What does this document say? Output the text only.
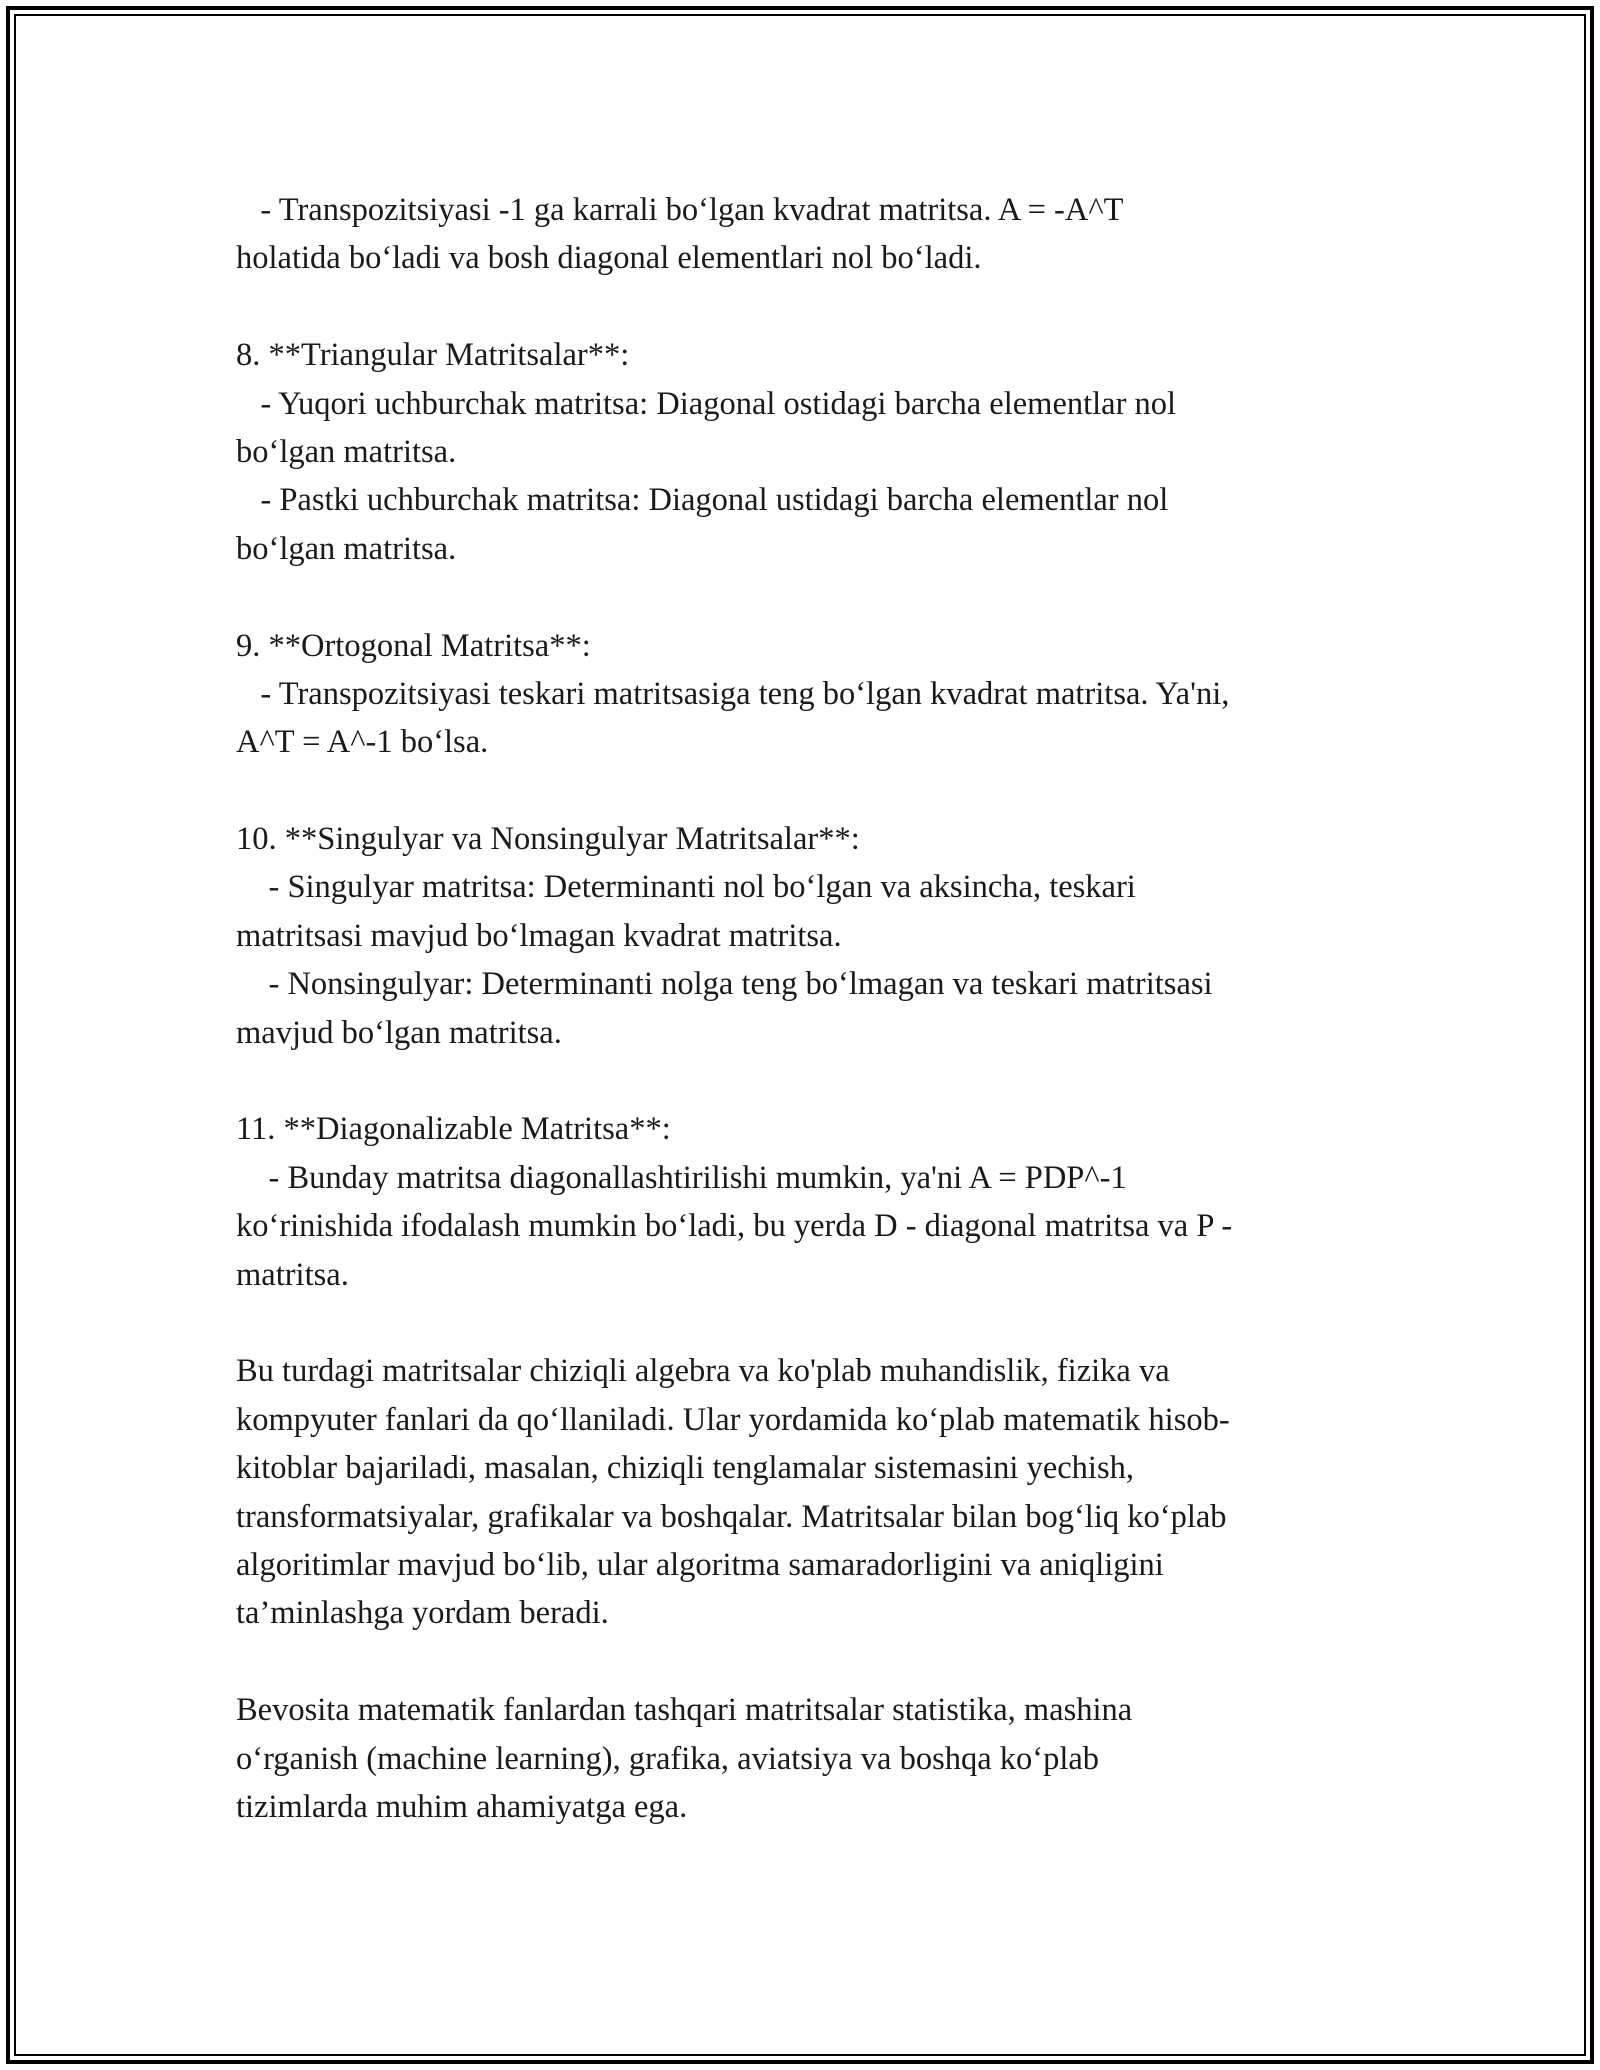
- Transpozitsiyasi -1 ga karrali bo‘lgan kvadrat matritsa. A = -A^T
holatida bo‘ladi va bosh diagonal elementlari nol bo‘ladi.
8. **Triangular Matritsalar**:
- Yuqori uchburchak matritsa: Diagonal ostidagi barcha elementlar nol
bo‘lgan matritsa.
- Pastki uchburchak matritsa: Diagonal ustidagi barcha elementlar nol
bo‘lgan matritsa.
9. **Ortogonal Matritsa**:
- Transpozitsiyasi teskari matritsasiga teng bo‘lgan kvadrat matritsa. Ya'ni,
A^T = A^-1 bo‘lsa.
10. **Singulyar va Nonsingulyar Matritsalar**:
- Singulyar matritsa: Determinanti nol bo‘lgan va aksincha, teskari
matritsasi mavjud bo‘lmagan kvadrat matritsa.
- Nonsingulyar: Determinanti nolga teng bo‘lmagan va teskari matritsasi
mavjud bo‘lgan matritsa.
11. **Diagonalizable Matritsa**:
- Bunday matritsa diagonallashtirilishi mumkin, ya'ni A = PDP^-1
ko‘rinishida ifodalash mumkin bo‘ladi, bu yerda D - diagonal matritsa va P -
matritsa.
Bu turdagi matritsalar chiziqli algebra va ko'plab muhandislik, fizika va
kompyuter fanlari da qo‘llaniladi. Ular yordamida ko‘plab matematik hisob-
kitoblar bajariladi, masalan, chiziqli tenglamalar sistemasini yechish,
transformatsiyalar, grafikalar va boshqalar. Matritsalar bilan bog‘liq ko‘plab
algoritimlar mavjud bo‘lib, ular algoritma samaradorligini va aniqligini
ta’minlashga yordam beradi.
Bevosita matematik fanlardan tashqari matritsalar statistika, mashina
o‘rganish (machine learning), grafika, aviatsiya va boshqa ko‘plab
tizimlarda muhim ahamiyatga ega.
